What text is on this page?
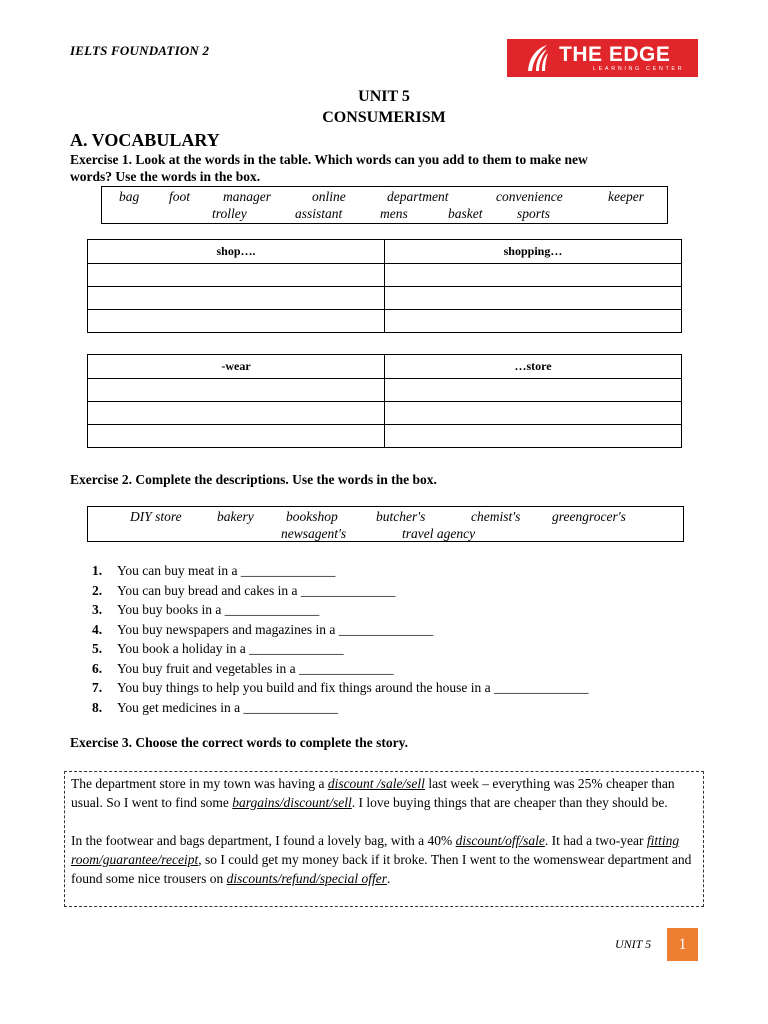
IELTS FOUNDATION 2	THE EDGE
LEARNING CENTER
UNIT 5
CONSUMERISM
A. VOCABULARY
Exercise 1. Look at the words in the table. Which words can you add to them to make new
words? Use the words in the box.
bag foot manager	online	department	convenience	keeper
trolley	assistant	mens	basket	sports
shop….	shopping…

-wear	…store

Exercise 2. Complete the descriptions. Use the words in the box.
DIY store	bakery bookshop	butcher's	chemist's greengrocer's
newsagent's	travel agency
1.	You can buy meat in a ______________
2.	You can buy bread and cakes in a ______________
3.	You buy books in a ______________
4.	You buy newspapers and magazines in a ______________
5.	You book a holiday in a ______________
6.	You buy fruit and vegetables in a ______________
7.	You buy things to help you build and fix things around the house in a ______________
8.	You get medicines in a ______________
Exercise 3. Choose the correct words to complete the story.

The department store in my town was having a discount /sale/sell last week – everything was 25% cheaper than usual. So I went to find some bargains/discount/sell. I love buying things that are cheaper than they should be.

In the footwear and bags department, I found a lovely bag, with a 40% discount/off/sale. It had a two-year fitting room/guarantee/receipt, so I could get my money back if it broke. Then I went to the womenswear department and found some nice trousers on discounts/refund/special offer.

UNIT 5	1
